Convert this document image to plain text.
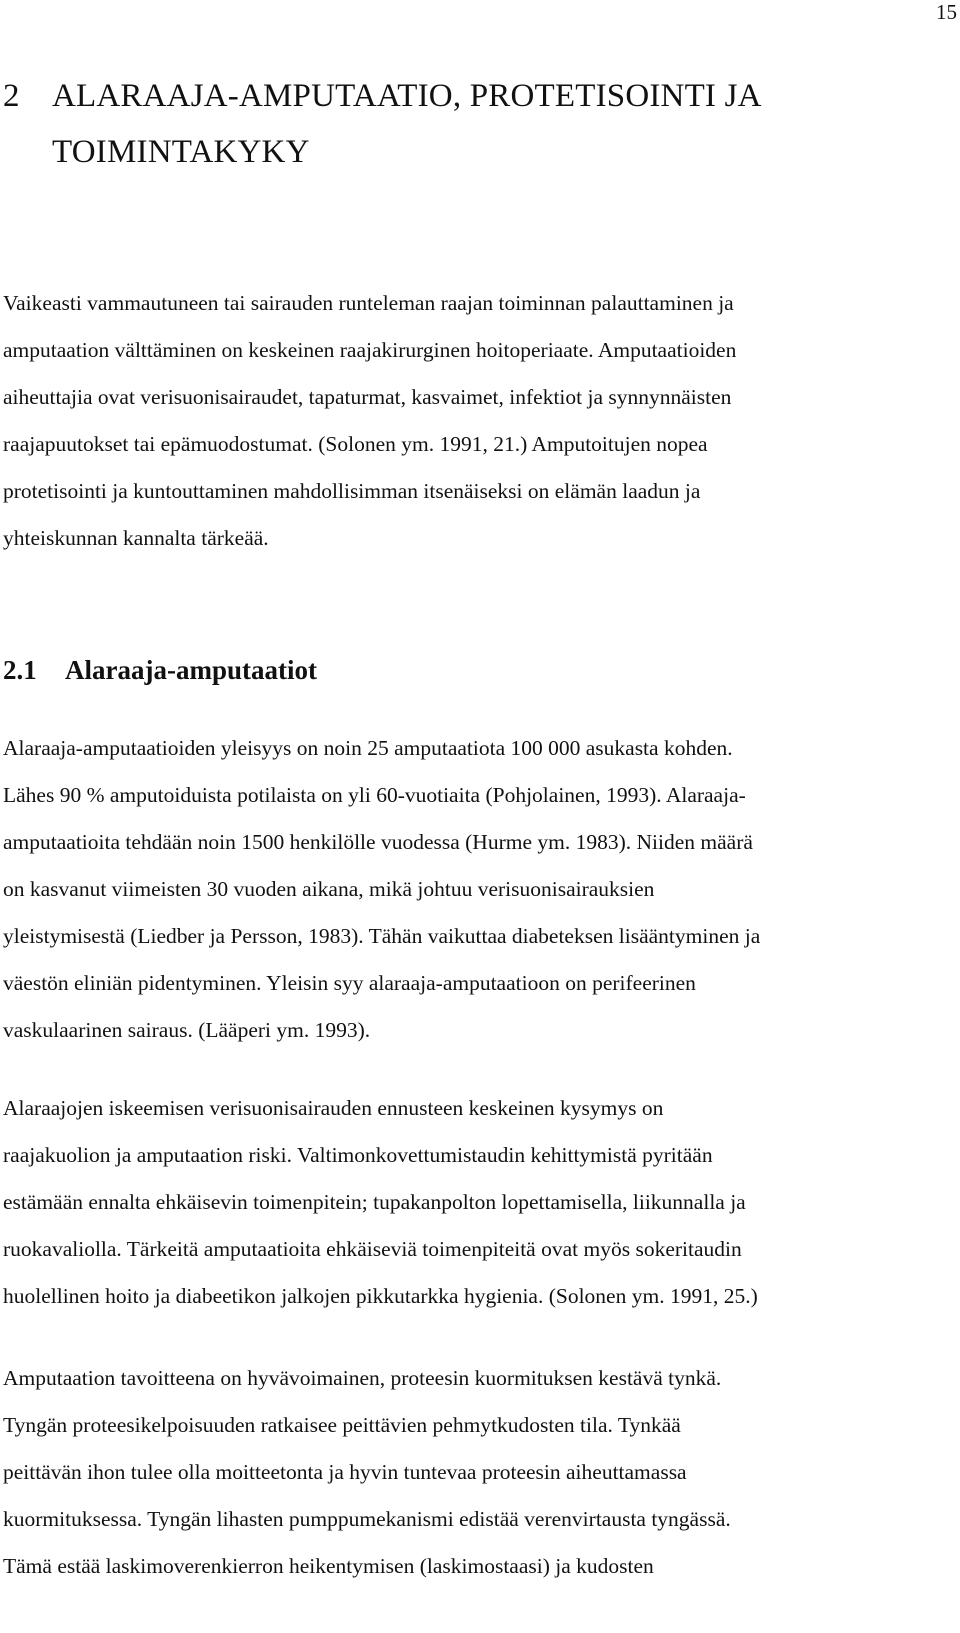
15
2 ALARAAJA-AMPUTAATIO, PROTETISOINTI JA
TOIMINTAKYKY
Vaikeasti vammautuneen tai sairauden runteleman raajan toiminnan palauttaminen ja
amputaation välttäminen on keskeinen raajakirurginen hoitoperiaate. Amputaatioiden
aiheuttajia ovat verisuonisairaudet, tapaturmat, kasvaimet, infektiot ja synnynnäisten
raajapuutokset tai epämuodostumat. (Solonen ym. 1991, 21.) Amputoitujen nopea
protetisointi ja kuntouttaminen mahdollisimman itsenäiseksi on elämän laadun ja
yhteiskunnan kannalta tärkeää.
2.1 Alaraaja-amputaatiot
Alaraaja-amputaatioiden yleisyys on noin 25 amputaatiota 100 000 asukasta kohden.
Lähes 90 % amputoiduista potilaista on yli 60-vuotiaita (Pohjolainen, 1993). Alaraaja-
amputaatioita tehdään noin 1500 henkilölle vuodessa (Hurme ym. 1983). Niiden määrä
on kasvanut viimeisten 30 vuoden aikana, mikä johtuu verisuonisairauksien
yleistymisestä (Liedber ja Persson, 1983). Tähän vaikuttaa diabeteksen lisääntyminen ja
väestön eliniän pidentyminen. Yleisin syy alaraaja-amputaatioon on perifeerinen
vaskulaarinen sairaus. (Lääperi ym. 1993).
Alaraajojen iskeemisen verisuonisairauden ennusteen keskeinen kysymys on
raajakuolion ja amputaation riski. Valtimonkovettumistaudin kehittymistä pyritään
estämään ennalta ehkäisevin toimenpitein; tupakanpolton lopettamisella, liikunnalla ja
ruokavaliolla. Tärkeitä amputaatioita ehkäiseviä toimenpiteitä ovat myös sokeritaudin
huolellinen hoito ja diabeetikon jalkojen pikkutarkka hygienia. (Solonen ym. 1991, 25.)
Amputaation tavoitteena on hyvävoimainen, proteesin kuormituksen kestävä tynkä.
Tyngän proteesikelpoisuuden ratkaisee peittävien pehmytkudosten tila. Tynkää
peittävän ihon tulee olla moitteetonta ja hyvin tuntevaa proteesin aiheuttamassa
kuormituksessa. Tyngän lihasten pumppumekanismi edistää verenvirtausta tyngässä.
Tämä estää laskimoverenkierron heikentymisen (laskimostaasi) ja kudosten
